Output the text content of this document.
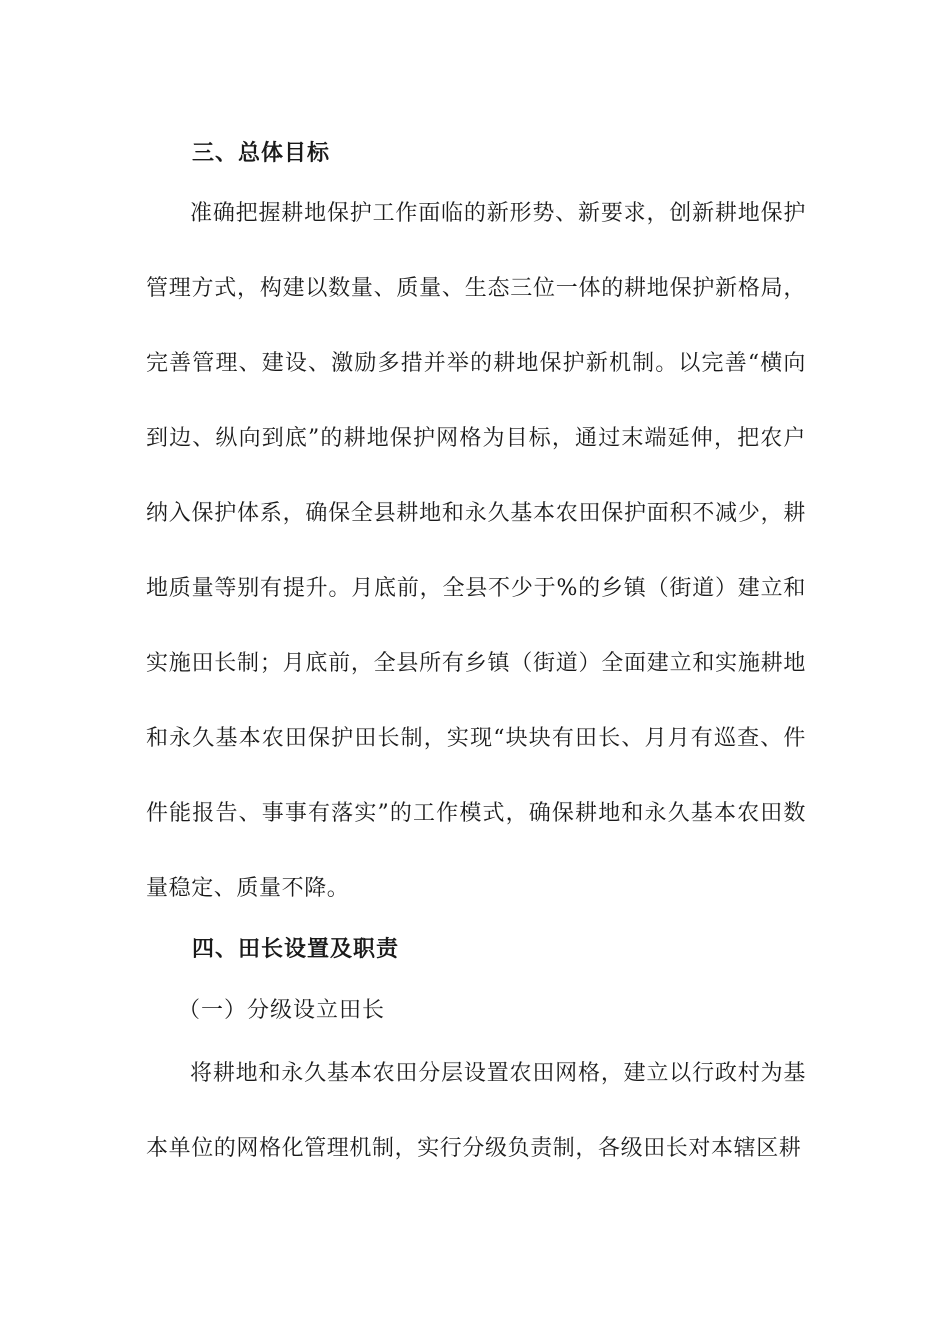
三、总体目标

准确把握耕地保护工作面临的新形势、新要求，创新耕地保护管理方式，构建以数量、质量、生态三位一体的耕地保护新格局，完善管理、建设、激励多措并举的耕地保护新机制。以完善“横向到边、纵向到底”的耕地保护网格为目标，通过末端延伸，把农户纳入保护体系，确保全县耕地和永久基本农田保护面积不减少，耕地质量等别有提升。月底前，全县不少于%的乡镇（街道）建立和实施田长制；月底前，全县所有乡镇（街道）全面建立和实施耕地和永久基本农田保护田长制，实现“块块有田长、月月有巡查、件件能报告、事事有落实”的工作模式，确保耕地和永久基本农田数量稳定、质量不降。

四、田长设置及职责
（一）分级设立田长

将耕地和永久基本农田分层设置农田网格，建立以行政村为基本单位的网格化管理机制，实行分级负责制，各级田长对本辖区耕
